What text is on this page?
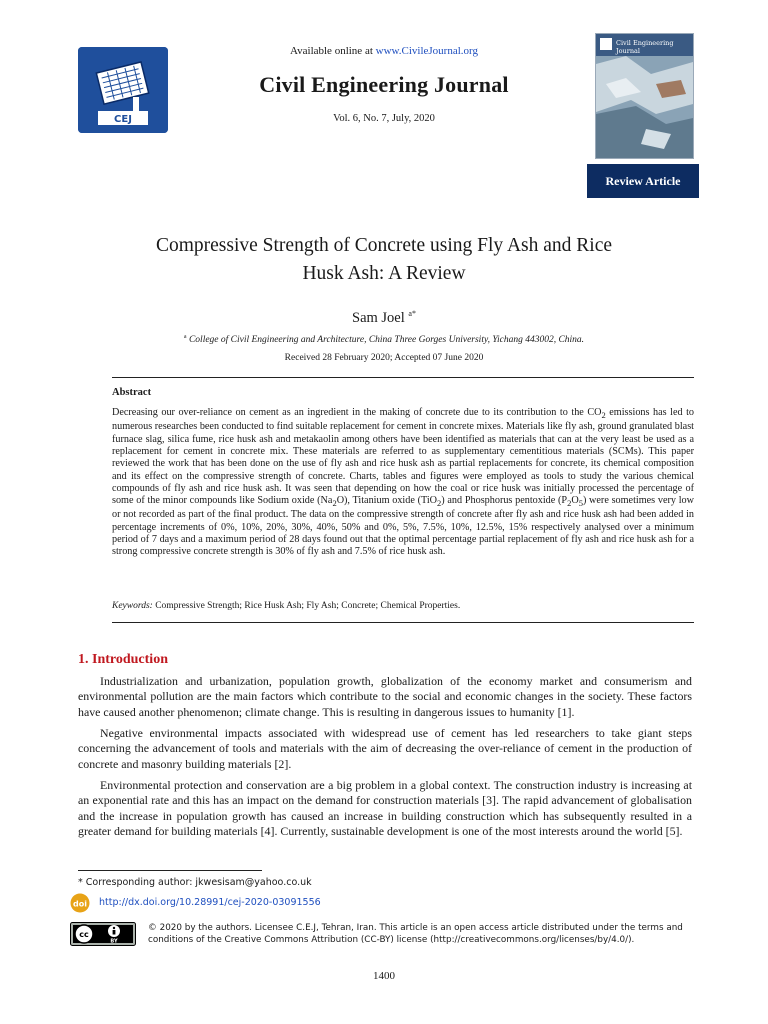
CEJ
Available online at www.CivileJournal.org
Civil Engineering Journal
Vol. 6, No. 7, July, 2020
Civil Engineering
Journal
Review Article
Compressive Strength of Concrete using Fly Ash and Rice
Husk Ash: A Review
Sam Joel $^{a*}$
$^a$ College of Civil Engineering and Architecture, China Three Gorges University, Yichang 443002, China.
Received 28 February 2020; Accepted 07 June 2020
Abstract
Decreasing our over-reliance on cement as an ingredient in the making of concrete due to its contribution to the $CO_2$ emissions has led to numerous researches been conducted to find suitable replacement for cement in concrete mixes. Materials like fly ash, ground granulated blast furnace slag, silica fume, rice husk ash and metakaolin among others have been identified as materials that can at the very least be used as a replacement for cement in concrete mix. These materials are referred to as supplementary cementitious materials (SCMs). This paper reviewed the work that has been done on the use of fly ash and rice husk ash as partial replacements for concrete, its chemical composition and its effect on the compressive strength of concrete. Charts, tables and figures were employed as tools to study the various chemical compounds of fly ash and rice husk ash. It was seen that depending on how the coal or rice husk was initially processed the percentage of some of the minor compounds like Sodium oxide $(Na_2O)$, Titanium oxide (TiO$_2$) and Phosphorus pentoxide $(P_2O_5)$ were sometimes very low or not recorded as part of the final product. The data on the compressive strength of concrete after fly ash and rice husk ash had been added in percentage increments of 0%, 10%, 20%, 30%, 40%, 50% and 0%, 5%, 7.5%, 10%, 12.5%, 15% respectively analysed over a minimum period of 7 days and a maximum period of 28 days found out that the optimal percentage partial replacement of fly ash and rice husk ash for a strong compressive concrete strength is 30% of fly ash and 7.5% of rice husk ash.
Keywords: Compressive Strength; Rice Husk Ash; Fly Ash; Concrete; Chemical Properties.
1. Introduction
Industrialization and urbanization, population growth, globalization of the economy market and consumerism and environmental pollution are the main factors which contribute to the social and economic changes in the society. These factors have caused another phenomenon; climate change. This is resulting in dangerous issues to humanity [1].
Negative environmental impacts associated with widespread use of cement has led researchers to take giant steps concerning the advancement of tools and materials with the aim of decreasing the over-reliance of cement in the production of concrete and masonry building materials [2].
Environmental protection and conservation are a big problem in a global context. The construction industry is increasing at an exponential rate and this has an impact on the demand for construction materials [3]. The rapid advancement of globalisation and the increase in population growth has caused an increase in building construction which has subsequently resulted in a greater demand for building materials [4]. Currently, sustainable development is one of the most interests around the world [5].
* Corresponding author: jkwesisam@yahoo.co.uk
doi http://dx.doi.org/10.28991/cej-2020-03091556
cc
BY
© 2020 by the authors. Licensee C.E.J, Tehran, Iran. This article is an open access article distributed under the terms and conditions of the Creative Commons Attribution (CC-BY) license (http://creativecommons.org/licenses/by/4.0/).
1400
